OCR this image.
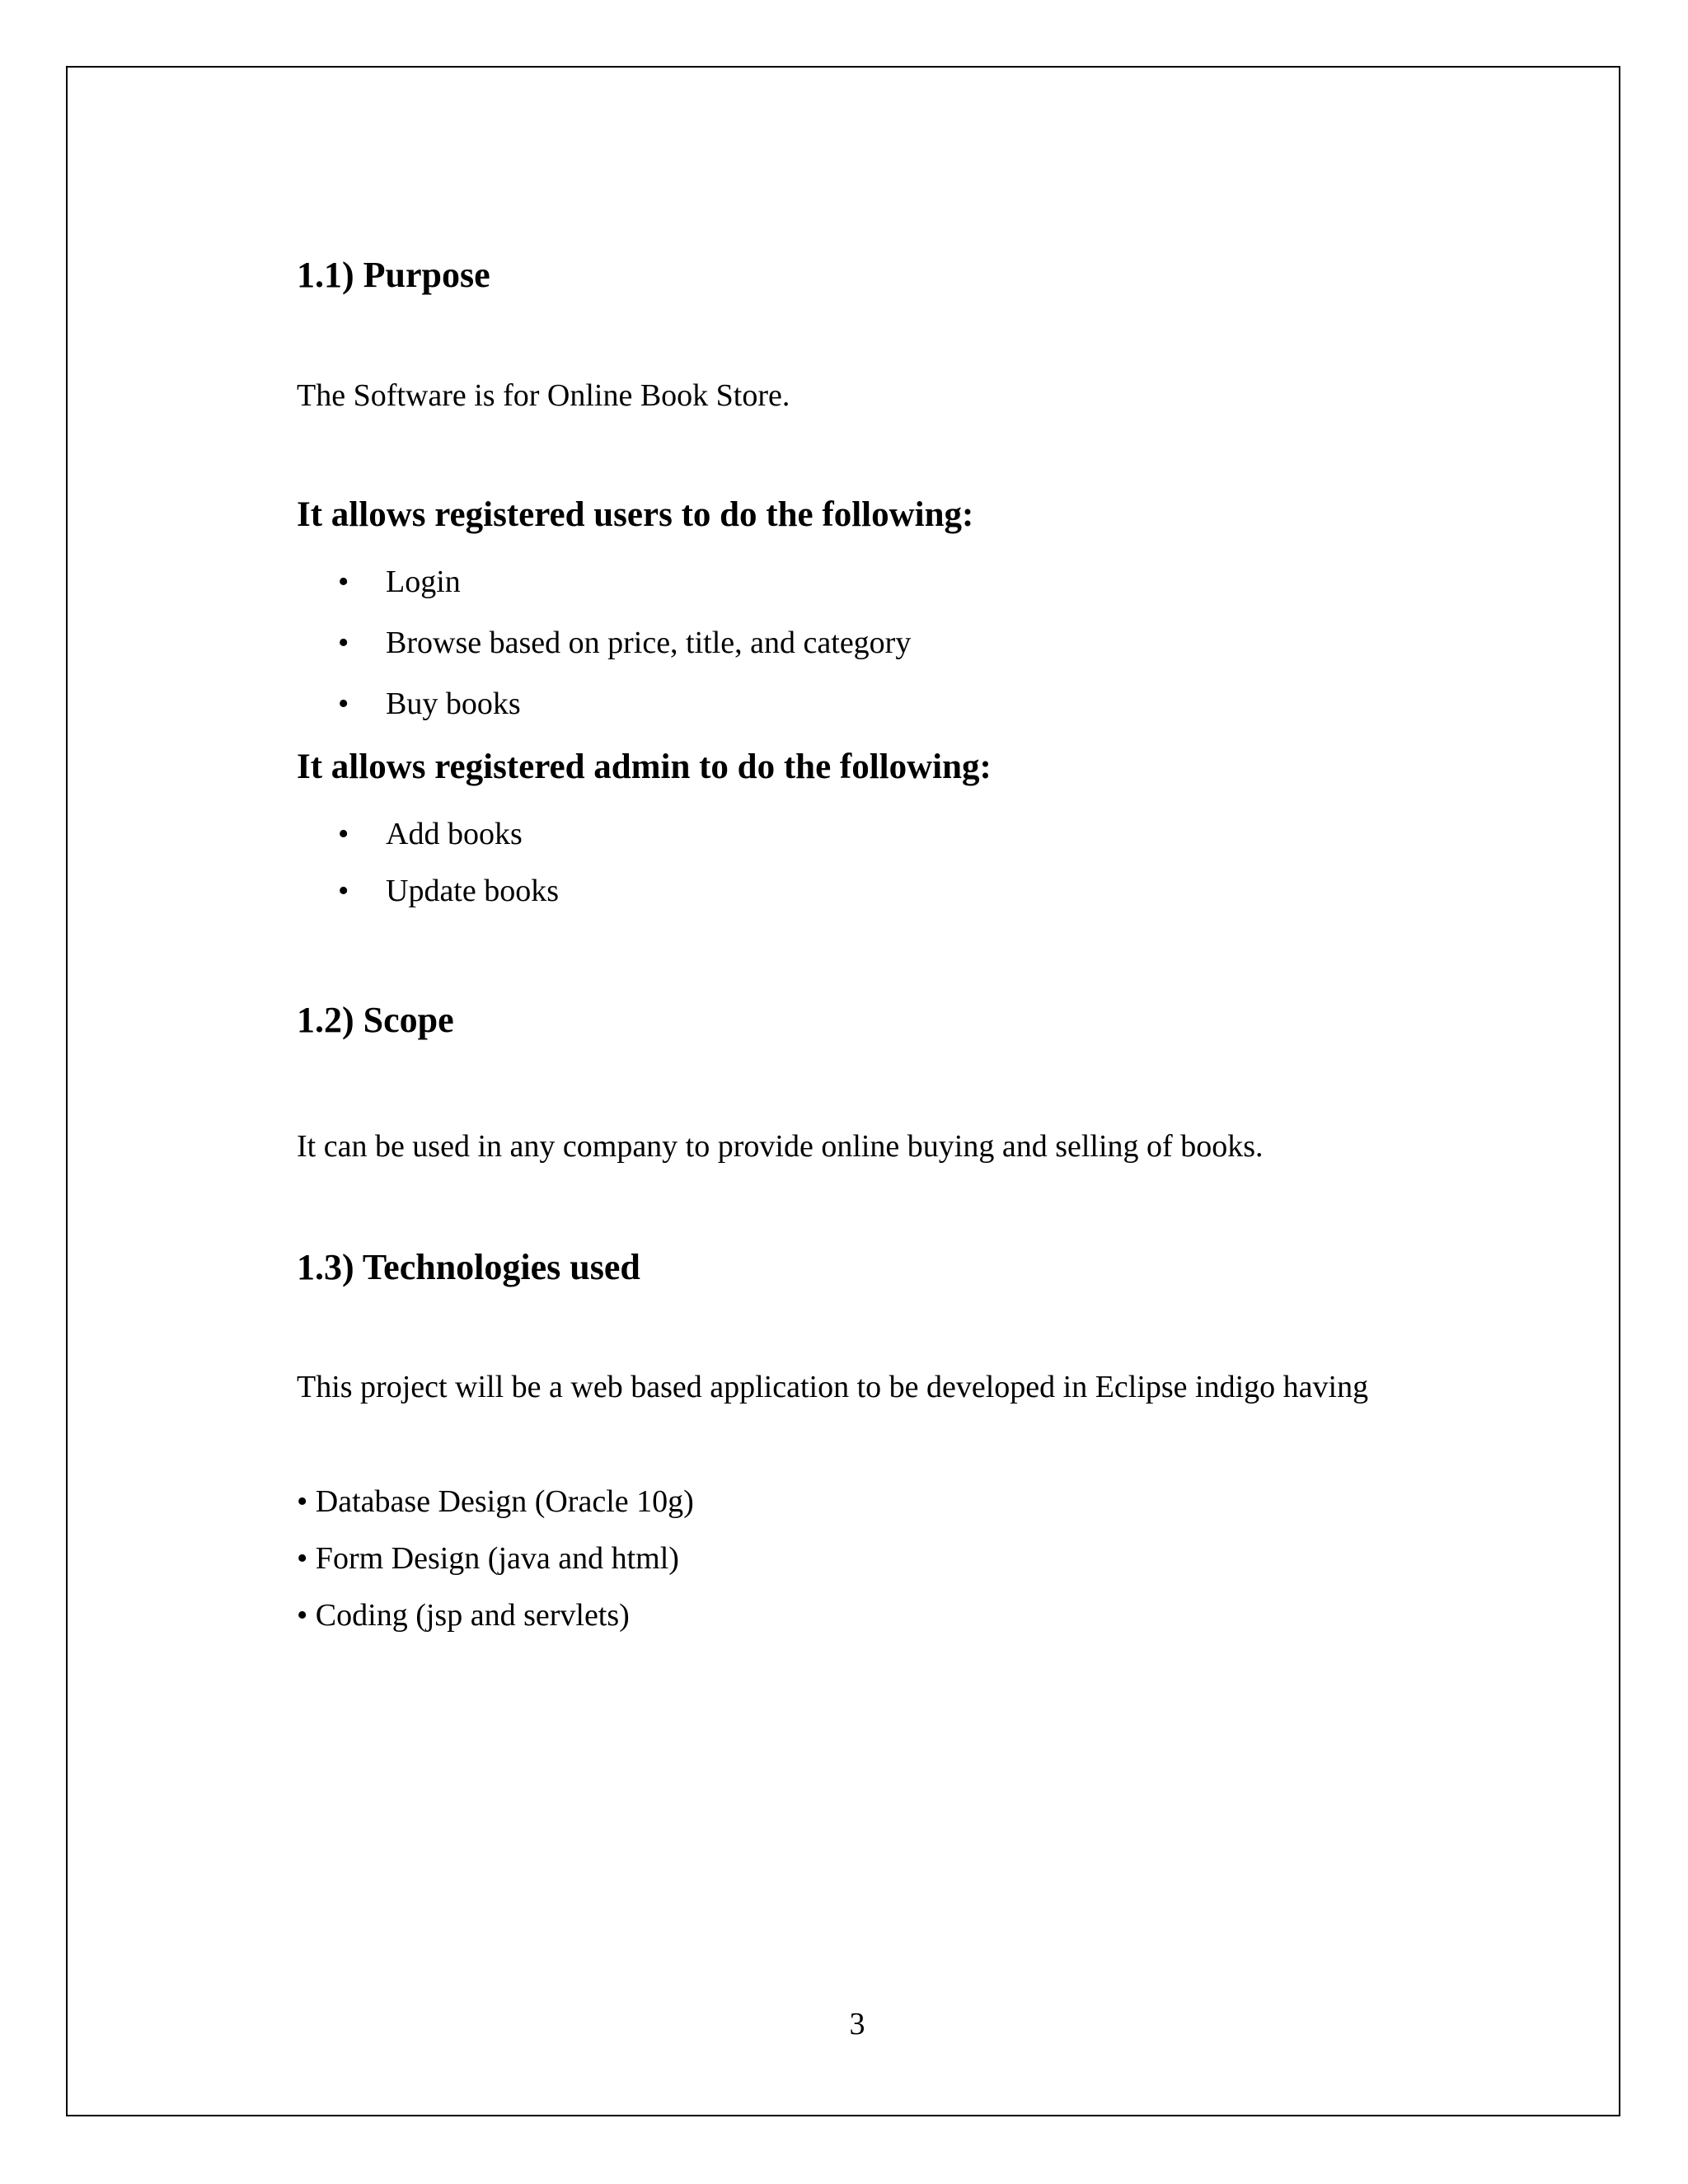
1.1) Purpose

The Software is for Online Book Store.

It allows registered users to do the following:
• Login
• Browse based on price, title, and category
• Buy books
It allows registered admin to do the following:
• Add books
• Update books
1.2) Scope

It can be used in any company to provide online buying and selling of books.

1.3) Technologies used

This project will be a web based application to be developed in Eclipse indigo having

• Database Design (Oracle 10g)
• Form Design (java and html)
• Coding (jsp and servlets)
3
